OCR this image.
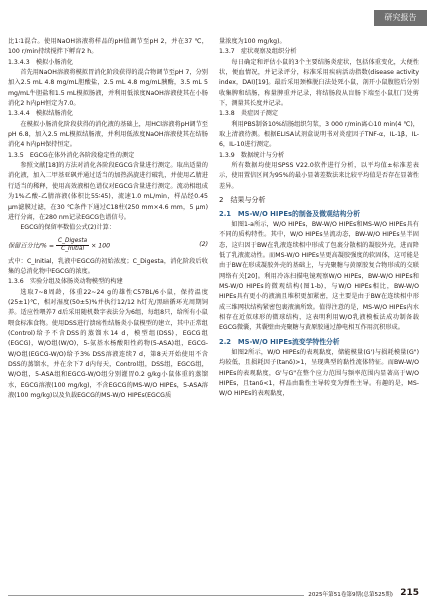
研究报告

比1∶1混合。使用NaOH溶液将样品的pH值调节至pH 2，并在37 ℃，100 r/min持续搅拌下孵育2 h。

1.3.4.3　模拟小肠消化

首先用NaOH溶液将模拟胃消化阶段获得的混合物调节至pH 7，分别加入2.5 mL 4.8 mg/mL胆酸盐，2.5 mL 4.8 mg/mL胰酶，3.5 mL 5 mg/mL牛胆盐和1.5 mL模拟肠液，并利用低浓度NaOH溶液使其在小肠消化2 h内pH恒定为7.0。

1.3.4.4　模拟结肠消化

在模拟小肠消化阶段获得的消化液的基础上，用HCl溶液将pH调节至pH 6.8，加入2.5 mL模拟结肠液，并利用低浓度NaOH溶液使其在结肠消化4 h内pH保持恒定。

1.3.5　EGCG在体外消化各阶段稳定性的测定

参照文献[18]的方法对消化各阶段EGCG含量进行测定。取出适量的消化液，加入二甲基亚砜并通过适当的加热涡旋进行破乳，并使用乙腈进行适当的稀释，使用高效液相色谱仪对EGCG含量进行测定。流动相组成为1%乙酸-乙腈溶液(体积比55∶45)，流速1.0 mL/min，样品经0.45 μm滤膜过滤，在30 ℃条件下通过C18柱(250 mm×4.6 mm，5 μm)进行分离，在280 nm记录EGCG色谱信号。

EGCG的保留率数值公式(2)计算：

保留百分比/% = $\frac{\text{C\_Digesta}}{\text{C\_Initial}} \times 100$	(2)

式中：C_Initial，乳液中EGCG的初始浓度；C_Digesta，消化阶段后收集的总消化物中EGCG的浓度。

1.3.6　实验分组及体肠炎动物模型的构建

选取7~8周龄，体重22~24 g的雄性C57BL/6小鼠，保持温度(25±1)℃，相对湿度(50±5)%并执行12/12 h灯光/黑暗循环光周期饲养。适应性喂养7 d后采用随机数字表法分为6组，每组8只，给所有小鼠喂食标准食物。使用DSS进行溃疡性结肠炎小鼠模型的建立，其中正常组(Control)给予不含DSS的蒸馏水14 d，模型组(DSS)，EGCG组(EGCG)，W/O组(W/O)，5-氨基水杨酸阳性药物(5-ASA)组，EGCG-W/O组(EGCG-W/O)给予3% DSS溶液连续7 d，第8天开始使用不含DSS的蒸馏水，并在余下7 d内每天，Control组，DSS组，EGCG组，W/O组，5-ASA组和EGCG-W/O组分别灌胃0.2 g/kg小鼠体重的蒸馏水，EGCG溶液(100 mg/kg)，不含EGCG的MS-W/O HIPEs，5-ASA溶液(100 mg/kg)以及负载EGCG的MS-W/O HIPEs(EGCG质

量浓度为100 mg/kg)。

1.3.7　症状观察及组织分析

每日确定和评估小鼠的3个主要结肠炎症状，包括体重变化，大便性状，便血情况，并记录评分，标准采用疾病活动指数(disease activity index，DAI)[19]。最后采用颈椎脱臼法处死小鼠，剖开小鼠腹腔后分别收集脾和结肠，称量脾重并记录，将结肠段从盲肠下端至小鼠肛门处剪下，测量其长度并记录。

1.3.8　炎症因子测定

利用PBS制备10%结肠组织匀浆，3 000 r/min离心10 min(4 ℃)，取上清液待测。根据ELISA试剂盒说明书对炎症因子TNF-α，IL-1β，IL-6，IL-10进行测定。

1.3.9　数据统计与分析

所有数据均使用SPSS V22.0软件进行分析，以平均值±标准差表示，使用置信区间为95%的最小显著差数法来比较平均值是否存在显著性差异。

2　结果与分析

2.1　MS-W/O HIPEs的制备及微观结构分析

如图1-a所示，W/O HIPEs，BW-W/O HIPEs和MS-W/O HIPEs具有不同的质构特性。其中，W/O HIPEs呈流动态，BW-W/O HIPEs呈半固态，这归因于BW在乳液连续相中形成了包裹分散相的凝胶外壳，进而降低了乳液流动性。而MS-W/O HIPEs呈更高凝胶强度的软固体，这可能是由于BW在形成凝胶外壳的基础上，与壳聚糖与黄原胶复合物形成的交联网络有关[20]。利用冷冻扫描电镜观察W/O HIPEs，BW-W/O HIPEs和MS-W/O HIPEs的微观结构(图1-b)，与W/O HIPEs相比，BW-W/O HIPEs具有更小的液滴且堆积更加紧密，这主要是由于BW在连续相中形成三维网状结构紧密包裹液滴所致。值得注意的是，MS-W/O HIPEs内水相存在近似球形的微球结构，这表明利用W/O乳液模板法成功制备载EGCG微囊，其囊壁由壳聚糖与黄原胶通过静电相互作用沉积形成。

2.2　MS-W/O HIPEs流变学特性分析

如图2所示，W/O HIPEs的表观黏度，储能模量(G')与损耗模量(G")均较低，且损耗因子(tanδ)>1，呈现典型的黏性流体特征。而BW-W/O HIPEs的表观黏度，G'与G"在整个应力范围与频率范围内显著高于W/O HIPEs，且tanδ<1，样品由黏性主导转变为弹性主导。有趣的是，MS-W/O HIPEs的表观黏度，

2025年第51卷第9期(总第525期) 215
